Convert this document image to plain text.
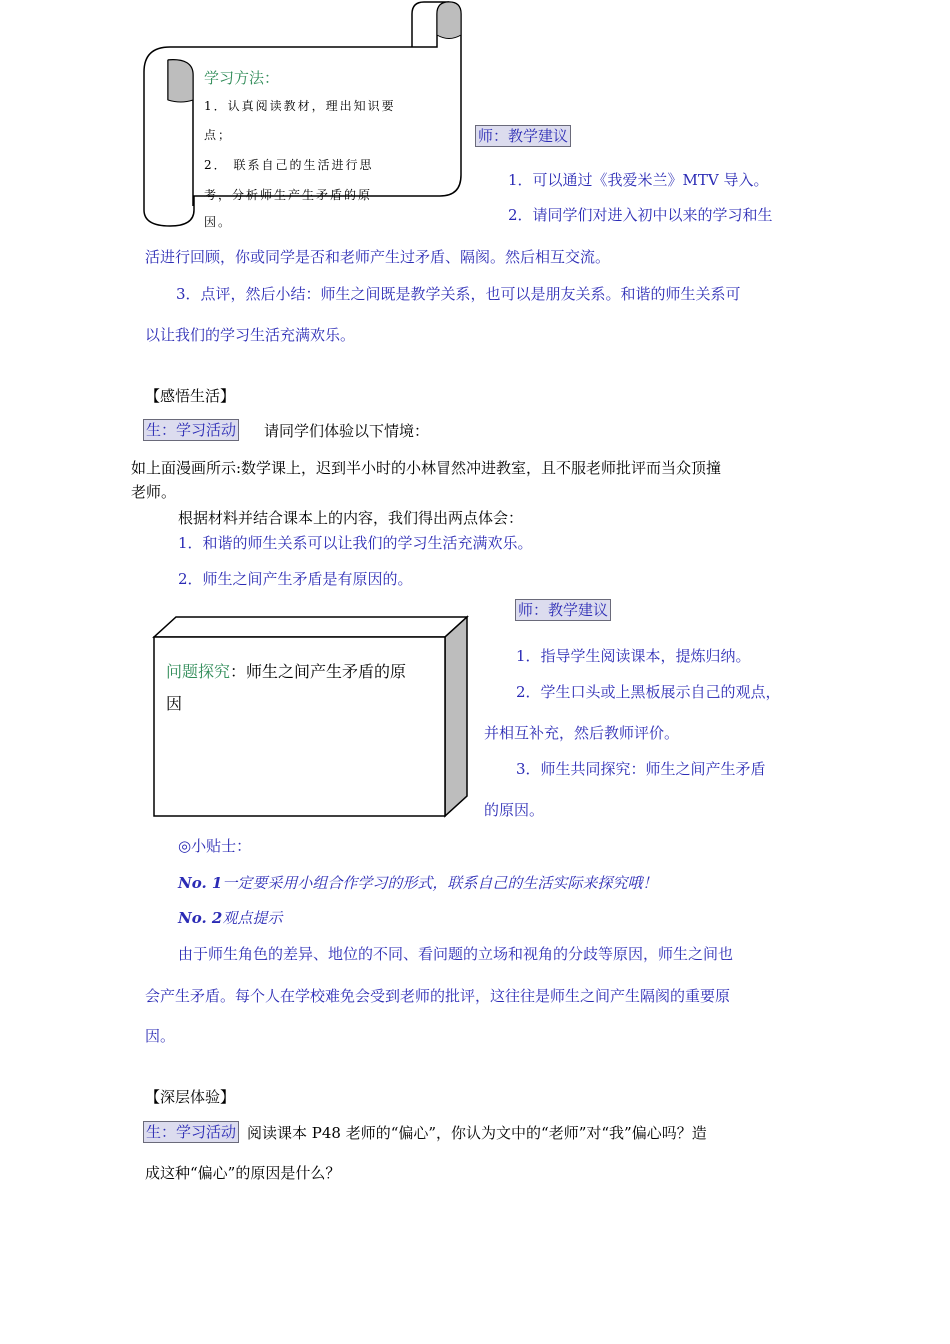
学习方法：
1．认真阅读教材，理出知识要
点；
2． 联系自己的生活进行思
考，分析师生产生矛盾的原
因。
师：教学建议
1．可以通过《我爱米兰》MTV 导入。
2．请同学们对进入初中以来的学习和生
活进行回顾，你或同学是否和老师产生过矛盾、隔阂。然后相互交流。
3．点评，然后小结：师生之间既是教学关系，也可以是朋友关系。和谐的师生关系可
以让我们的学习生活充满欢乐。
【感悟生活】
生：学习活动 请同学们体验以下情境：
如上面漫画所示:数学课上，迟到半小时的小林冒然冲进教室，且不服老师批评而当众顶撞
老师。
根据材料并结合课本上的内容，我们得出两点体会：
1．和谐的师生关系可以让我们的学习生活充满欢乐。
2．师生之间产生矛盾是有原因的。
问题探究：师生之间产生矛盾的原
因
师：教学建议
1．指导学生阅读课本，提炼归纳。
2．学生口头或上黑板展示自己的观点，
并相互补充，然后教师评价。
3．师生共同探究：师生之间产生矛盾
的原因。
◎小贴士：
No. 1一定要采用小组合作学习的形式，联系自己的生活实际来探究哦！
No. 2观点提示
由于师生角色的差异、地位的不同、看问题的立场和视角的分歧等原因，师生之间也
会产生矛盾。每个人在学校难免会受到老师的批评，这往往是师生之间产生隔阂的重要原
因。
【深层体验】
生：学习活动 阅读课本 P48 老师的“偏心”，你认为文中的“老师”对“我”偏心吗？造
成这种“偏心”的原因是什么？
